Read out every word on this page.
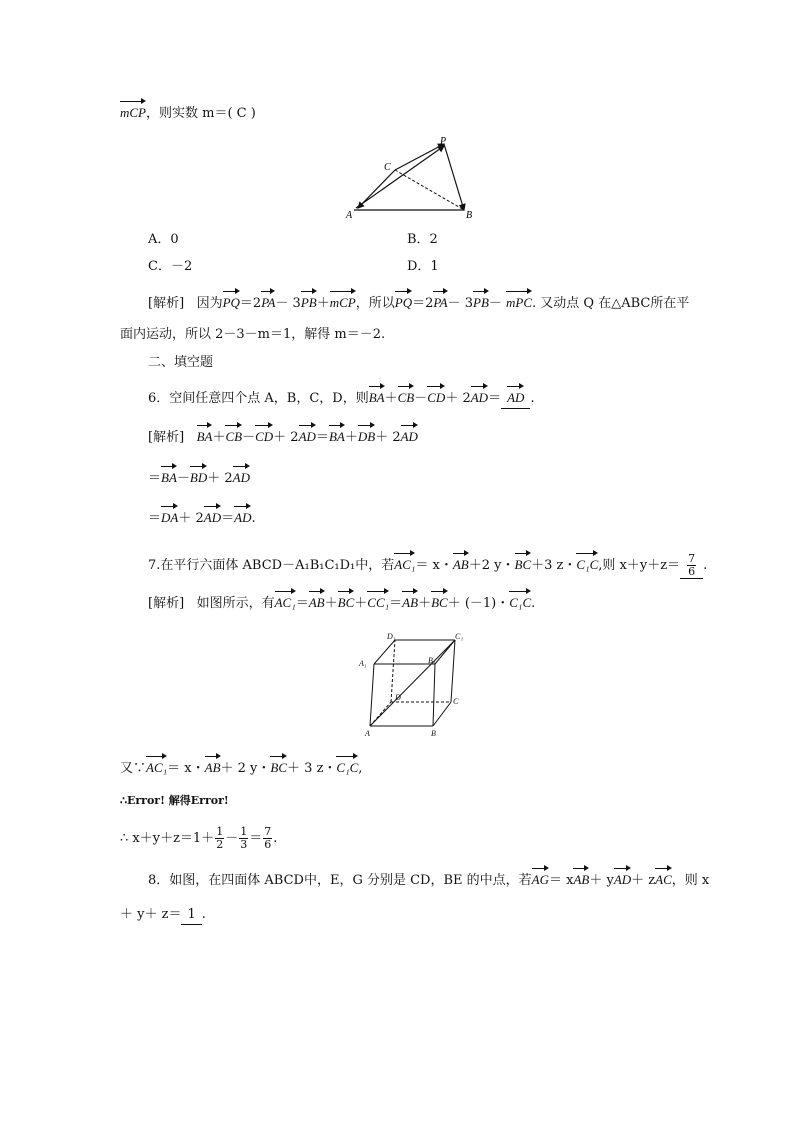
mCP，则实数 m＝( C )
P
C
A	B
A．0	B．2
C．－2	D．1
[解析] 因为PQ＝2PA－ 3PB＋mCP，所以PQ＝2PA－ 3PB－ mPC. 又动点 Q 在△ABC所在平
面内运动，所以 2－3－m＝1，解得 m＝－2.
二、填空题
6．空间任意四个点 A，B，C，D，则BA＋CB－CD＋ 2AD＝ AD .
[解析] BA＋CB－CD＋ 2AD＝BA＋DB＋ 2AD
＝BA－BD＋ 2AD
＝DA＋ 2AD＝AD.
7.在平行六面体 ABCD－A₁B₁C₁D₁中，若AC₁＝ x・AB＋2 y・BC＋3 z・C₁C,则 $x+y+z= \frac{7}{6}$ .
[解析] 如图所示，有AC₁＝AB＋BC＋CC₁＝AB＋BC＋ (－1)・C₁C.
D₁	C₁
A₁	B₁
D	C
A	B
又∵AC₁＝ x・AB＋ 2 y・BC＋ 3 z・C₁C,
∴Error! 解得Error!
∴ $x+y+z=1+ \frac{1}{2} - \frac{1}{3} = \frac{7}{6}$ .
8．如图，在四面体 ABCD中，E，G 分别是 CD，BE 的中点，若AG＝ xAB＋ yAD＋ zAC，则 x
＋ y＋ z＝ 1 .
